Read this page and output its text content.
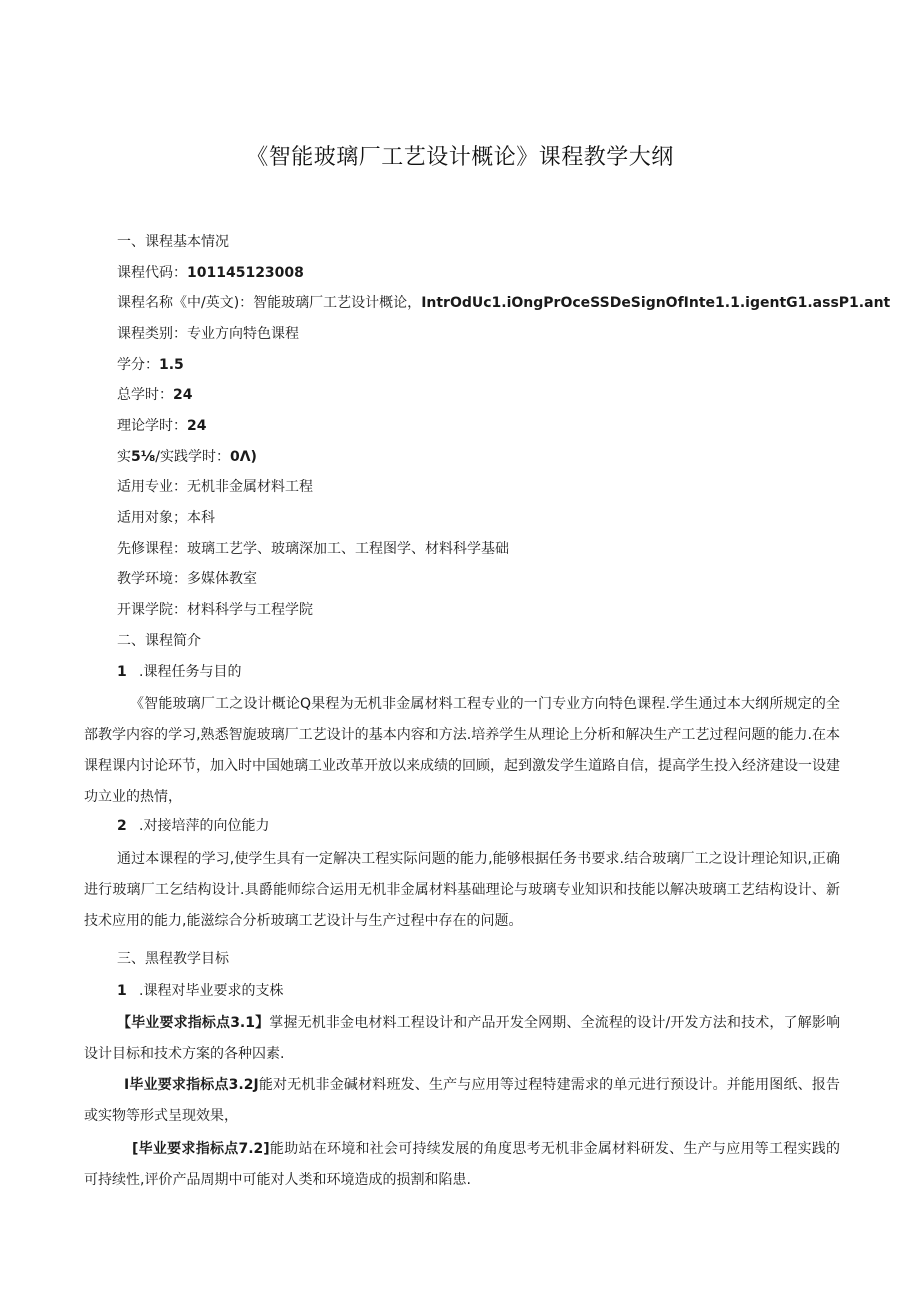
《智能玻璃厂工艺设计概论》课程教学大纲
一、课程基本情况
课程代码：101145123008
课程名称《中/英文)：智能玻璃厂工艺设计概论，IntrOdUc1.iOngPrOceSSDeSignOfInte1.1.igentG1.assP1.ant
课程类别：专业方向特色课程
学分：1.5
总学时：24
理论学时：24
实5⅛/实践学时：0Λ)
适用专业：无机非金属材料工程
适用对象；本科
先修课程：玻璃工艺学、玻璃深加工、工程图学、材料科学基础
教学环境：多媒体教室
开课学院：材料科学与工程学院
二、课程简介
1 .课程任务与目的

《智能玻璃厂工之设计概论Q果程为无机非金属材料工程专业的一门专业方向特色课程.学生通过本大纲所规定的全部教学内容的学习,熟悉智旎玻璃厂工艺设计的基本内容和方法.培养学生从理论上分析和解决生产工艺过程问题的能力.在本课程课内讨论环节，加入时中国她璃工业改革开放以来成绩的回顾，起到激发学生道路自信，提高学生投入经济建设一设建功立业的热情，

2 .对接培萍的向位能力

通过本课程的学习,使学生具有一定解决工程实际问题的能力,能够根据任务书要求.结合玻璃厂工之设计理论知识,正确进行玻璃厂工乞结构设计.具爵能师综合运用无机非金属材料基础理论与玻璃专业知识和技能以解决玻璃工艺结构设计、新技术应用的能力,能滋综合分析玻璃工艺设计与生产过程中存在的问题。

三、黑程教学目标
1 .课程对毕业要求的支株

【毕业要求指标点3.1】掌握无机非金电材料工程设计和产品开发全网期、全流程的设计/开发方法和技术，了解影响设计目标和技术方案的各种囚素.

I毕业要求指标点3.2J能对无机非金碱材料班发、生产与应用等过程特建需求的单元进行预设计。并能用图纸、报告或实物等形式呈现效果，

[毕业要求指标点7.2]能助站在环境和社会可持续发展的角度思考无机非金属材料研发、生产与应用等工程实践的可持续性,评价产品周期中可能对人类和环境造成的损割和陷患.
